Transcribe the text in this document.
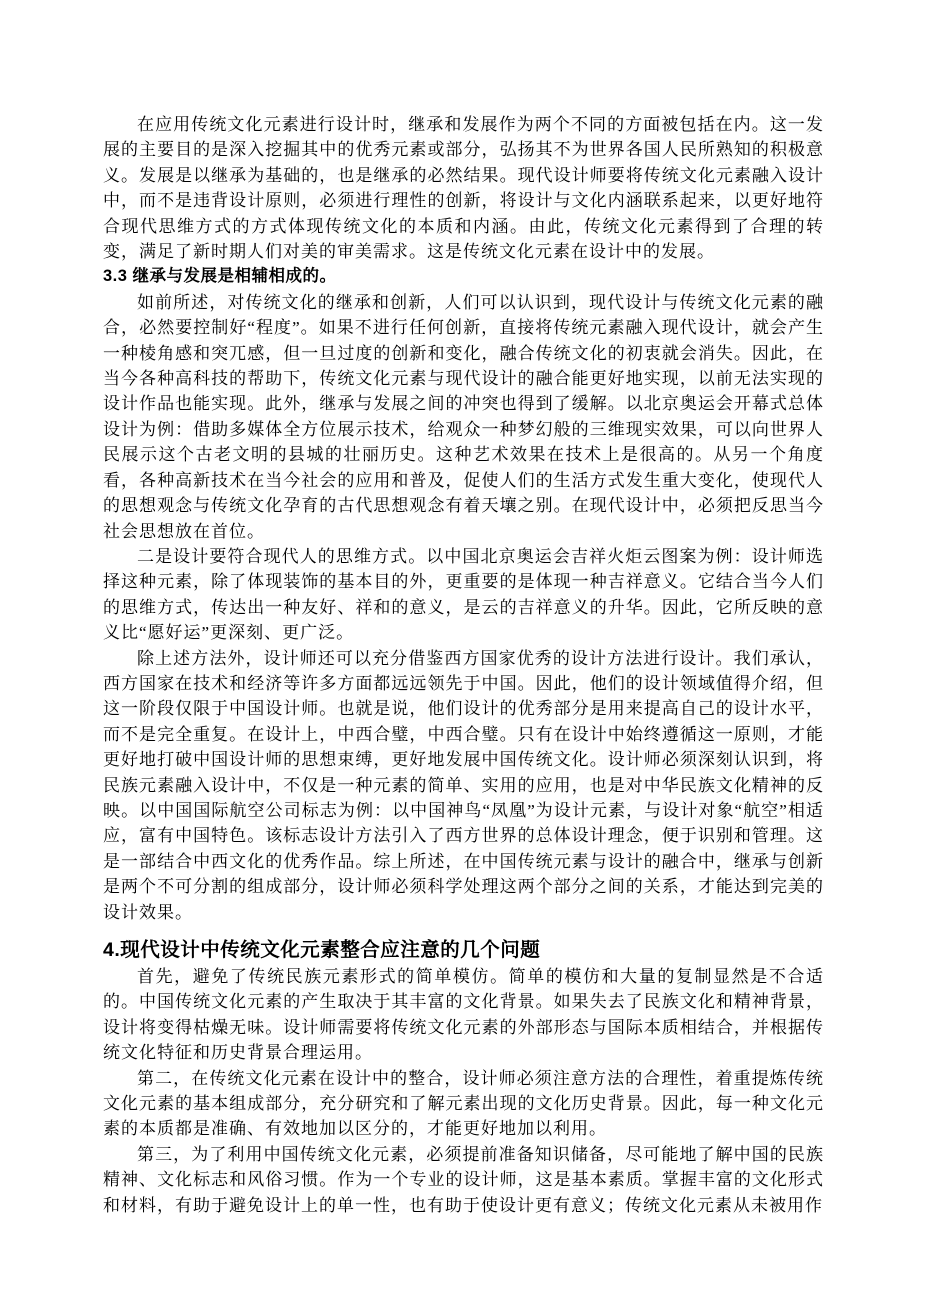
在应用传统文化元素进行设计时，继承和发展作为两个不同的方面被包括在内。这一发展的主要目的是深入挖掘其中的优秀元素或部分，弘扬其不为世界各国人民所熟知的积极意义。发展是以继承为基础的，也是继承的必然结果。现代设计师要将传统文化元素融入设计中，而不是违背设计原则，必须进行理性的创新，将设计与文化内涵联系起来，以更好地符合现代思维方式的方式体现传统文化的本质和内涵。由此，传统文化元素得到了合理的转变，满足了新时期人们对美的审美需求。这是传统文化元素在设计中的发展。

3.3 继承与发展是相辅相成的。

如前所述，对传统文化的继承和创新，人们可以认识到，现代设计与传统文化元素的融合，必然要控制好“程度”。如果不进行任何创新，直接将传统元素融入现代设计，就会产生一种棱角感和突兀感，但一旦过度的创新和变化，融合传统文化的初衷就会消失。因此，在当今各种高科技的帮助下，传统文化元素与现代设计的融合能更好地实现，以前无法实现的设计作品也能实现。此外，继承与发展之间的冲突也得到了缓解。以北京奥运会开幕式总体设计为例：借助多媒体全方位展示技术，给观众一种梦幻般的三维现实效果，可以向世界人民展示这个古老文明的县城的壮丽历史。这种艺术效果在技术上是很高的。从另一个角度看，各种高新技术在当今社会的应用和普及，促使人们的生活方式发生重大变化，使现代人的思想观念与传统文化孕育的古代思想观念有着天壤之别。在现代设计中，必须把反思当今社会思想放在首位。

二是设计要符合现代人的思维方式。以中国北京奥运会吉祥火炬云图案为例：设计师选择这种元素，除了体现装饰的基本目的外，更重要的是体现一种吉祥意义。它结合当今人们的思维方式，传达出一种友好、祥和的意义，是云的吉祥意义的升华。因此，它所反映的意义比“愿好运”更深刻、更广泛。

除上述方法外，设计师还可以充分借鉴西方国家优秀的设计方法进行设计。我们承认，西方国家在技术和经济等许多方面都远远领先于中国。因此，他们的设计领域值得介绍，但这一阶段仅限于中国设计师。也就是说，他们设计的优秀部分是用来提高自己的设计水平，而不是完全重复。在设计上，中西合璧，中西合璧。只有在设计中始终遵循这一原则，才能更好地打破中国设计师的思想束缚，更好地发展中国传统文化。设计师必须深刻认识到，将民族元素融入设计中，不仅是一种元素的简单、实用的应用，也是对中华民族文化精神的反映。以中国国际航空公司标志为例：以中国神鸟“凤凰”为设计元素，与设计对象“航空”相适应，富有中国特色。该标志设计方法引入了西方世界的总体设计理念，便于识别和管理。这是一部结合中西文化的优秀作品。综上所述，在中国传统元素与设计的融合中，继承与创新是两个不可分割的组成部分，设计师必须科学处理这两个部分之间的关系，才能达到完美的设计效果。

4.现代设计中传统文化元素整合应注意的几个问题

首先，避免了传统民族元素形式的简单模仿。简单的模仿和大量的复制显然是不合适的。中国传统文化元素的产生取决于其丰富的文化背景。如果失去了民族文化和精神背景，设计将变得枯燥无味。设计师需要将传统文化元素的外部形态与国际本质相结合，并根据传统文化特征和历史背景合理运用。

第二，在传统文化元素在设计中的整合，设计师必须注意方法的合理性，着重提炼传统文化元素的基本组成部分，充分研究和了解元素出现的文化历史背景。因此，每一种文化元素的本质都是准确、有效地加以区分的，才能更好地加以利用。

第三，为了利用中国传统文化元素，必须提前准备知识储备，尽可能地了解中国的民族精神、文化标志和风俗习惯。作为一个专业的设计师，这是基本素质。掌握丰富的文化形式和材料，有助于避免设计上的单一性，也有助于使设计更有意义；传统文化元素从未被用作
